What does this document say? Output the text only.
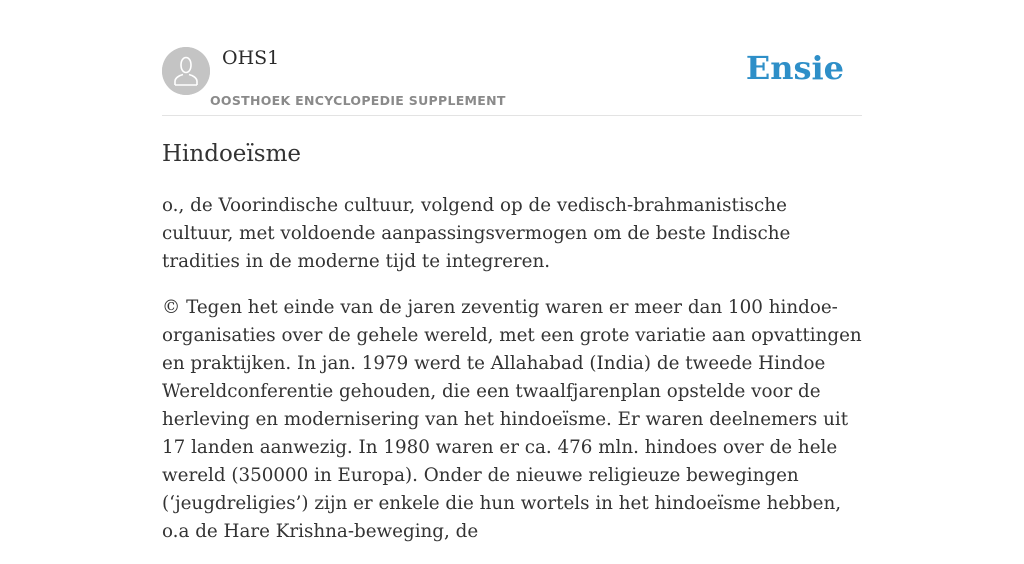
OHS1
OOSTHOEK ENCYCLOPEDIE SUPPLEMENT
Ensie
Hindoeïsme

o., de Voorindische cultuur, volgend op de vedisch-brahmanistische cultuur, met voldoende aanpassingsvermogen om de beste Indische tradities in de moderne tijd te integreren.

© Tegen het einde van de jaren zeventig waren er meer dan 100 hindoe-organisaties over de gehele wereld, met een grote variatie aan opvattingen en praktijken. In jan. 1979 werd te Allahabad (India) de tweede Hindoe Wereldconferentie gehouden, die een twaalfjarenplan opstelde voor de herleving en modernisering van het hindoeïsme. Er waren deelnemers uit 17 landen aanwezig. In 1980 waren er ca. 476 mln. hindoes over de hele wereld (350000 in Europa). Onder de nieuwe religieuze bewegingen (‘jeugdreligies’) zijn er enkele die hun wortels in het hindoeïsme hebben, o.a de Hare Krishna-beweging, de
